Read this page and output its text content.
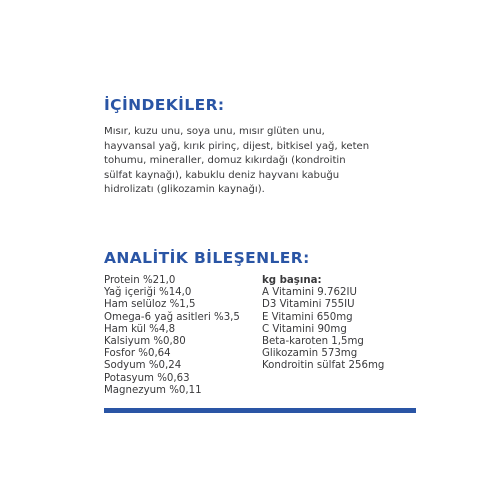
İÇİNDEKİLER:

Mısır, kuzu unu, soya unu, mısır glüten unu,
hayvansal yağ, kırık pirinç, dijest, bitkisel yağ, keten
tohumu, mineraller, domuz kıkırdağı (kondroitin
sülfat kaynağı), kabuklu deniz hayvanı kabuğu
hidrolizatı (glikozamin kaynağı).

ANALİTİK BİLEŞENLER:
Protein %21,0
Yağ içeriği %14,0
Ham selüloz %1,5
Omega-6 yağ asitleri %3,5
Ham kül %4,8
Kalsiyum %0,80
Fosfor %0,64
Sodyum %0,24
Potasyum %0,63
Magnezyum %0,11
kg başına:
A Vitamini 9.762IU
D3 Vitamini 755IU
E Vitamini 650mg
C Vitamini 90mg
Beta-karoten 1,5mg
Glikozamin 573mg
Kondroitin sülfat 256mg
